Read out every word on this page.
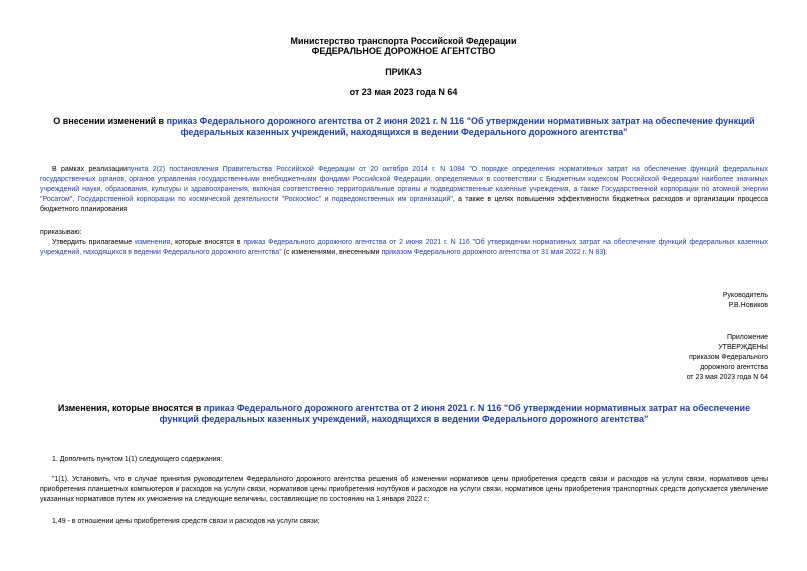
Министерство транспорта Российской Федерации
ФЕДЕРАЛЬНОЕ ДОРОЖНОЕ АГЕНТСТВО
ПРИКАЗ
от 23 мая 2023 года N 64
О внесении изменений в приказ Федерального дорожного агентства от 2 июня 2021 г. N 116 "Об утверждении нормативных затрат на обеспечение функций федеральных казенных учреждений, находящихся в ведении Федерального дорожного агентства"
В рамках реализациипункта 2(2) постановления Правительства Российской Федерации от 20 октября 2014 г. N 1084 "О порядке определения нормативных затрат на обеспечение функций федеральных государственных органов, органов управления государственными внебюджетными фондами Российской Федерации, определяемых в соответствии с Бюджетным кодексом Российской Федерации наиболее значимых учреждений науки, образования, культуры и здравоохранения, включая соответственно территориальные органы и подведомственные казенные учреждения, а также Государственной корпорации по атомной энергии "Росатом", Государственной корпорации по космической деятельности "Роскосмос" и подведомственных им организаций", а также в целях повышения эффективности бюджетных расходов и организации процесса бюджетного планирования
приказываю:
Утвердить прилагаемые изменения, которые вносятся в приказ Федерального дорожного агентства от 2 июня 2021 г. N 116 "Об утверждении нормативных затрат на обеспечение функций федеральных казенных учреждений, находящихся в ведении Федерального дорожного агентства" (с изменениями, внесенными приказом Федерального дорожного агентства от 31 мая 2022 г. N 83).
Руководитель
Р.В.Новиков
Приложение
УТВЕРЖДЕНЫ
приказом Федерального
дорожного агентства
от 23 мая 2023 года N 64
Изменения, которые вносятся в приказ Федерального дорожного агентства от 2 июня 2021 г. N 116 "Об утверждении нормативных затрат на обеспечение функций федеральных казенных учреждений, находящихся в ведении Федерального дорожного агентства"
1. Дополнить пунктом 1(1) следующего содержания:
"1(1). Установить, что в случае принятия руководителем Федерального дорожного агентства решения об изменении нормативов цены приобретения средств связи и расходов на услуги связи, нормативов цены приобретения планшетных компьютеров и расходов на услуги связи, нормативов цены приобретения ноутбуков и расходов на услуги связи, нормативов цены приобретения транспортных средств допускается увеличение указанных нормативов путем их умножения на следующие величины, составляющие по состоянию на 1 января 2022 г.:
1,49 - в отношении цены приобретения средств связи и расходов на услуги связи;
